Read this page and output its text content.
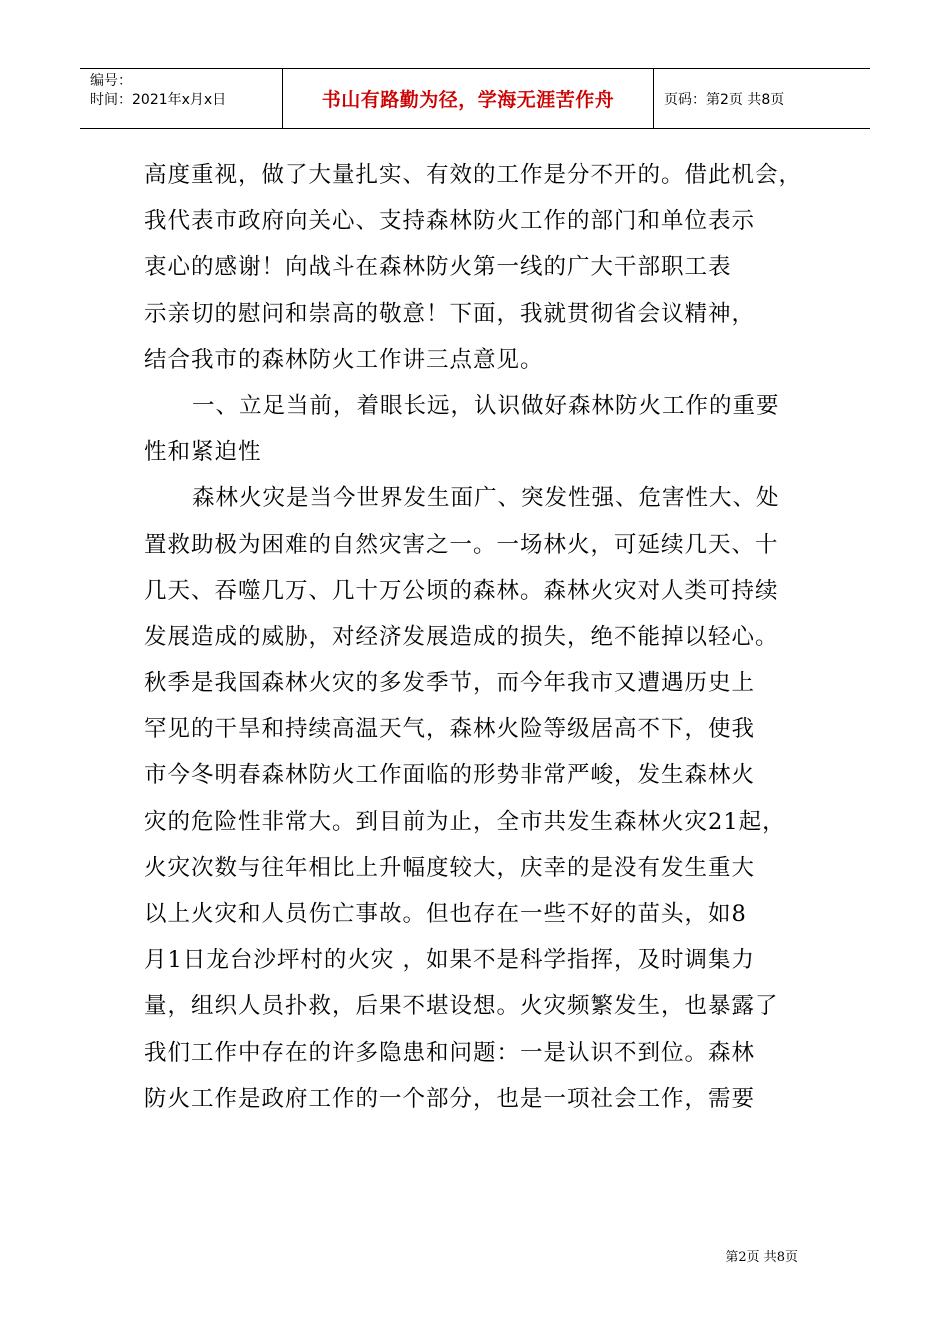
编号：
时间：2021年x月x日	书山有路勤为径，学海无涯苦作舟	页码：第2页 共8页
高度重视，做了大量扎实、有效的工作是分不开的。借此机会，
我代表市政府向关心、支持森林防火工作的部门和单位表示
衷心的感谢！向战斗在森林防火第一线的广大干部职工表
示亲切的慰问和崇高的敬意！下面，我就贯彻省会议精神，
结合我市的森林防火工作讲三点意见。
一、立足当前，着眼长远，认识做好森林防火工作的重要
性和紧迫性
森林火灾是当今世界发生面广、突发性强、危害性大、处
置救助极为困难的自然灾害之一。一场林火，可延续几天、十
几天、吞噬几万、几十万公顷的森林。森林火灾对人类可持续
发展造成的威胁，对经济发展造成的损失，绝不能掉以轻心。
秋季是我国森林火灾的多发季节，而今年我市又遭遇历史上
罕见的干旱和持续高温天气，森林火险等级居高不下，使我
市今冬明春森林防火工作面临的形势非常严峻，发生森林火
灾的危险性非常大。到目前为止，全市共发生森林火灾21起，
火灾次数与往年相比上升幅度较大，庆幸的是没有发生重大
以上火灾和人员伤亡事故。但也存在一些不好的苗头，如8
月1日龙台沙坪村的火灾 ，如果不是科学指挥，及时调集力
量，组织人员扑救，后果不堪设想。火灾频繁发生，也暴露了
我们工作中存在的许多隐患和问题：一是认识不到位。森林
防火工作是政府工作的一个部分，也是一项社会工作，需要
第2页 共8页
